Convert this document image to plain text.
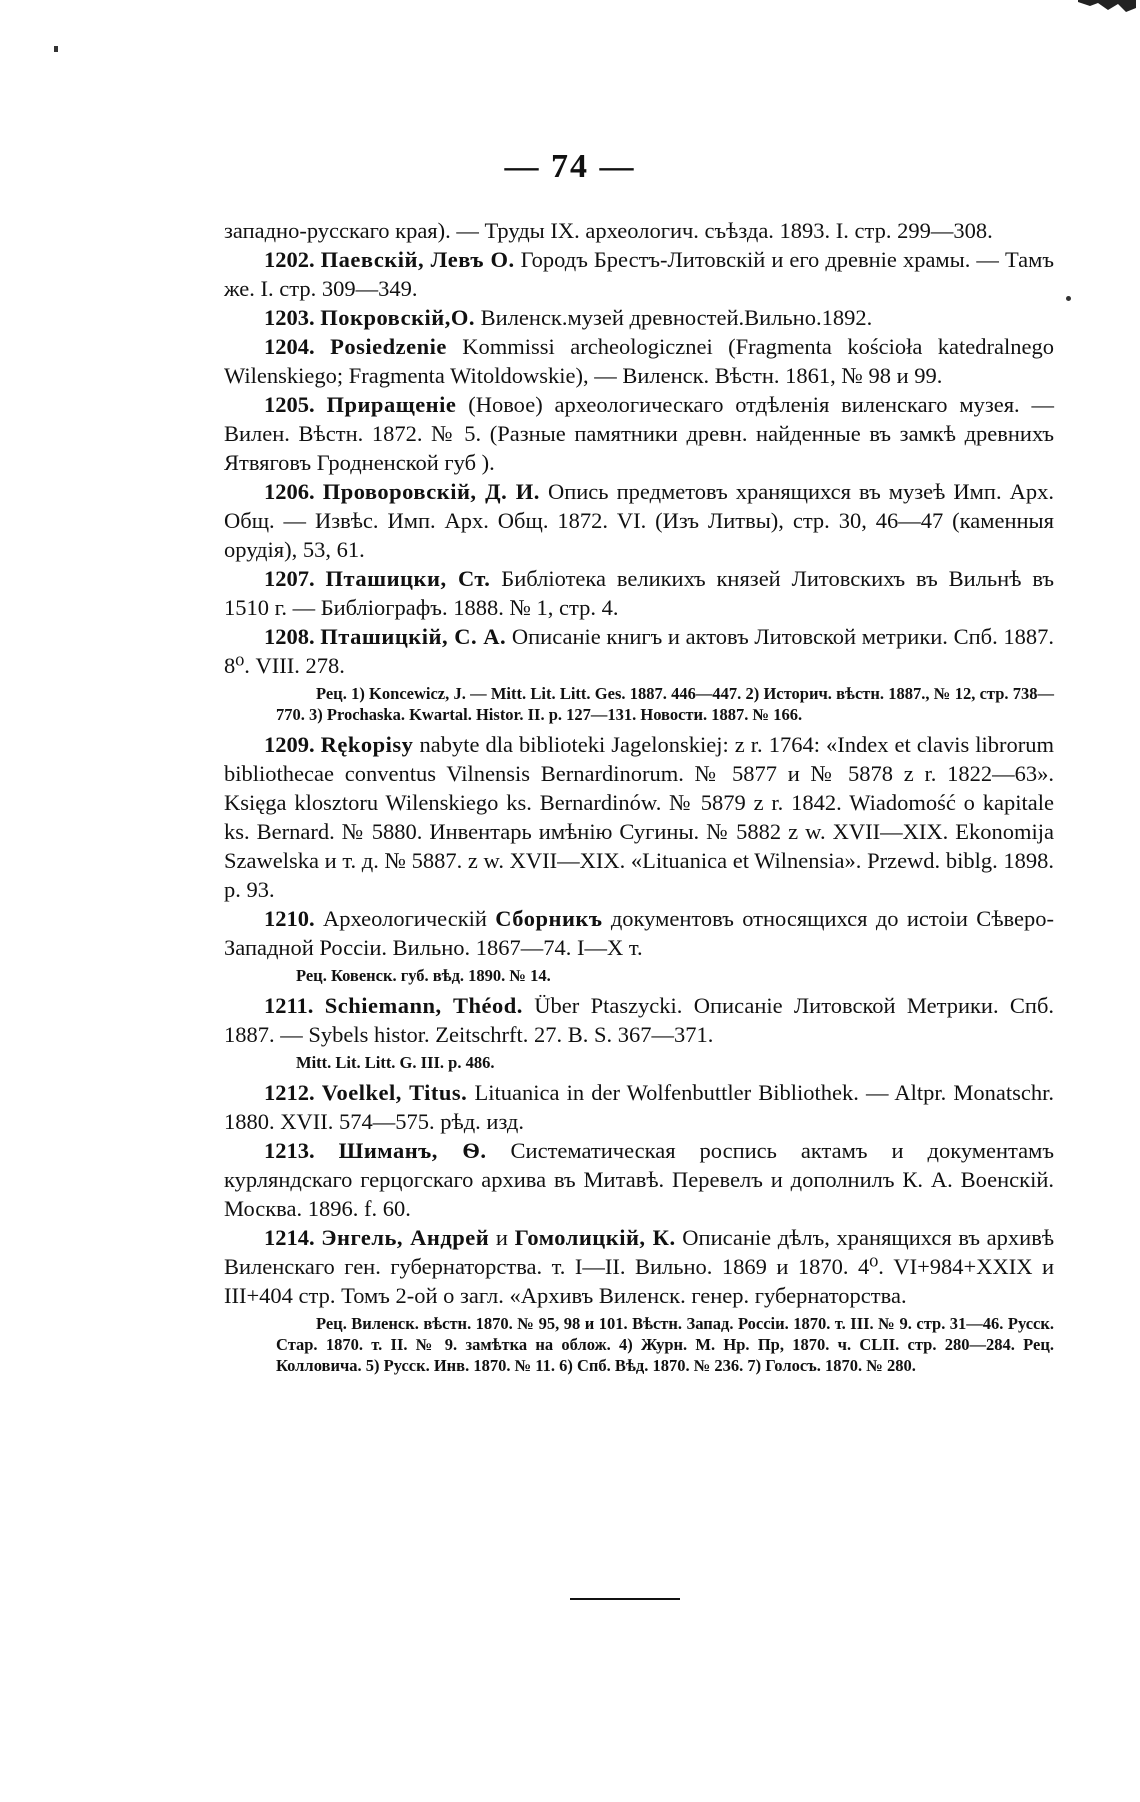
— 74 —

западно-русскаго края). — Труды IX. археологич. съѣзда. 1893. I. стр. 299—308.

1202. Паевскій, Левъ О. Городъ Брестъ-Литовскій и его древніе храмы. — Тамъ же. I. стр. 309—349.

1203. Покровскій,О. Виленск.музей древностей.Вильно.1892.

1204. Posiedzenie Kommissi archeologicznei (Fragmenta kościoła katedralnego Wilenskiego; Fragmenta Witoldowskie), — Виленск. Вѣстн. 1861, № 98 и 99.

1205. Приращеніе (Новое) археологическаго отдѣленія виленскаго музея. — Вилен. Вѣстн. 1872. № 5. (Разные памятники древн. найденные въ замкѣ древнихъ Ятвяговъ Гродненской губ ).

1206. Проворовскій, Д. И. Опись предметовъ хранящихся въ музеѣ Имп. Арх. Общ. — Извѣс. Имп. Арх. Общ. 1872. VI. (Изъ Литвы), стр. 30, 46—47 (каменныя орудія), 53, 61.

1207. Пташицки, Ст. Библіотека великихъ князей Литовскихъ въ Вильнѣ въ 1510 г. — Библіографъ. 1888. № 1, стр. 4.

1208. Пташицкій, С. А. Описаніе книгъ и актовъ Литовской метрики. Спб. 1887. 8⁰. VIII. 278.

Рец. 1) Koncewicz, J. — Mitt. Lit. Litt. Ges. 1887. 446—447. 2) Историч. вѣстн. 1887., № 12, стр. 738—770. 3) Prochaska. Kwartal. Histor. II. p. 127—131. Новости. 1887. № 166.

1209. Rękopisy nabyte dla biblioteki Jagelonskiej: z r. 1764: «Index et clavis librorum bibliothecae conventus Vilnensis Bernardinorum. № 5877 и № 5878 z r. 1822—63». Księga klosztoru Wilenskiego ks. Bernardinów. № 5879 z r. 1842. Wiadomość o kapitale ks. Bernard. № 5880. Инвентарь имѣнію Сугины. № 5882 z w. XVII—XIX. Ekonomija Szawelska и т. д. № 5887. z w. XVII—XIX. «Lituanica et Wilnensia». Przewd. biblg. 1898. p. 93.

1210. Археологическій Сборникъ документовъ относящихся до истоіи Сѣверо-Западной Россіи. Вильно. 1867—74. I—X т.

Рец. Ковенск. губ. вѣд. 1890. № 14.

1211. Schiemann, Théod. Über Ptaszycki. Описаніе Литовской Метрики. Спб. 1887. — Sybels histor. Zeitschrft. 27. B. S. 367—371.

Mitt. Lit. Litt. G. III. p. 486.

1212. Voelkel, Titus. Lituanica in der Wolfenbuttler Bibliothek. — Altpr. Monatschr. 1880. XVII. 574—575. рѣд. изд.

1213. Шиманъ, Ѳ. Систематическая роспись актамъ и документамъ курляндскаго герцогскаго архива въ Митавѣ. Перевелъ и дополнилъ К. А. Военскій. Москва. 1896. f. 60.

1214. Энгель, Андрей и Гомолицкій, К. Описаніе дѣлъ, хранящихся въ архивѣ Виленскаго ген. губернаторства. т. I—II. Вильно. 1869 и 1870. 4⁰. VI+984+XXIX и III+404 стр. Томъ 2-ой о загл. «Архивъ Виленск. генер. губернаторства.

Рец. Виленск. вѣстн. 1870. № 95, 98 и 101. Вѣстн. Запад. Россіи. 1870. т. III. № 9. стр. 31—46. Русск. Стар. 1870. т. II. № 9. замѣтка на облож. 4) Журн. М. Нр. Пр, 1870. ч. CLII. стр. 280—284. Рец. Колловича. 5) Русск. Инв. 1870. № 11. 6) Спб. Вѣд. 1870. № 236. 7) Голосъ. 1870. № 280.
